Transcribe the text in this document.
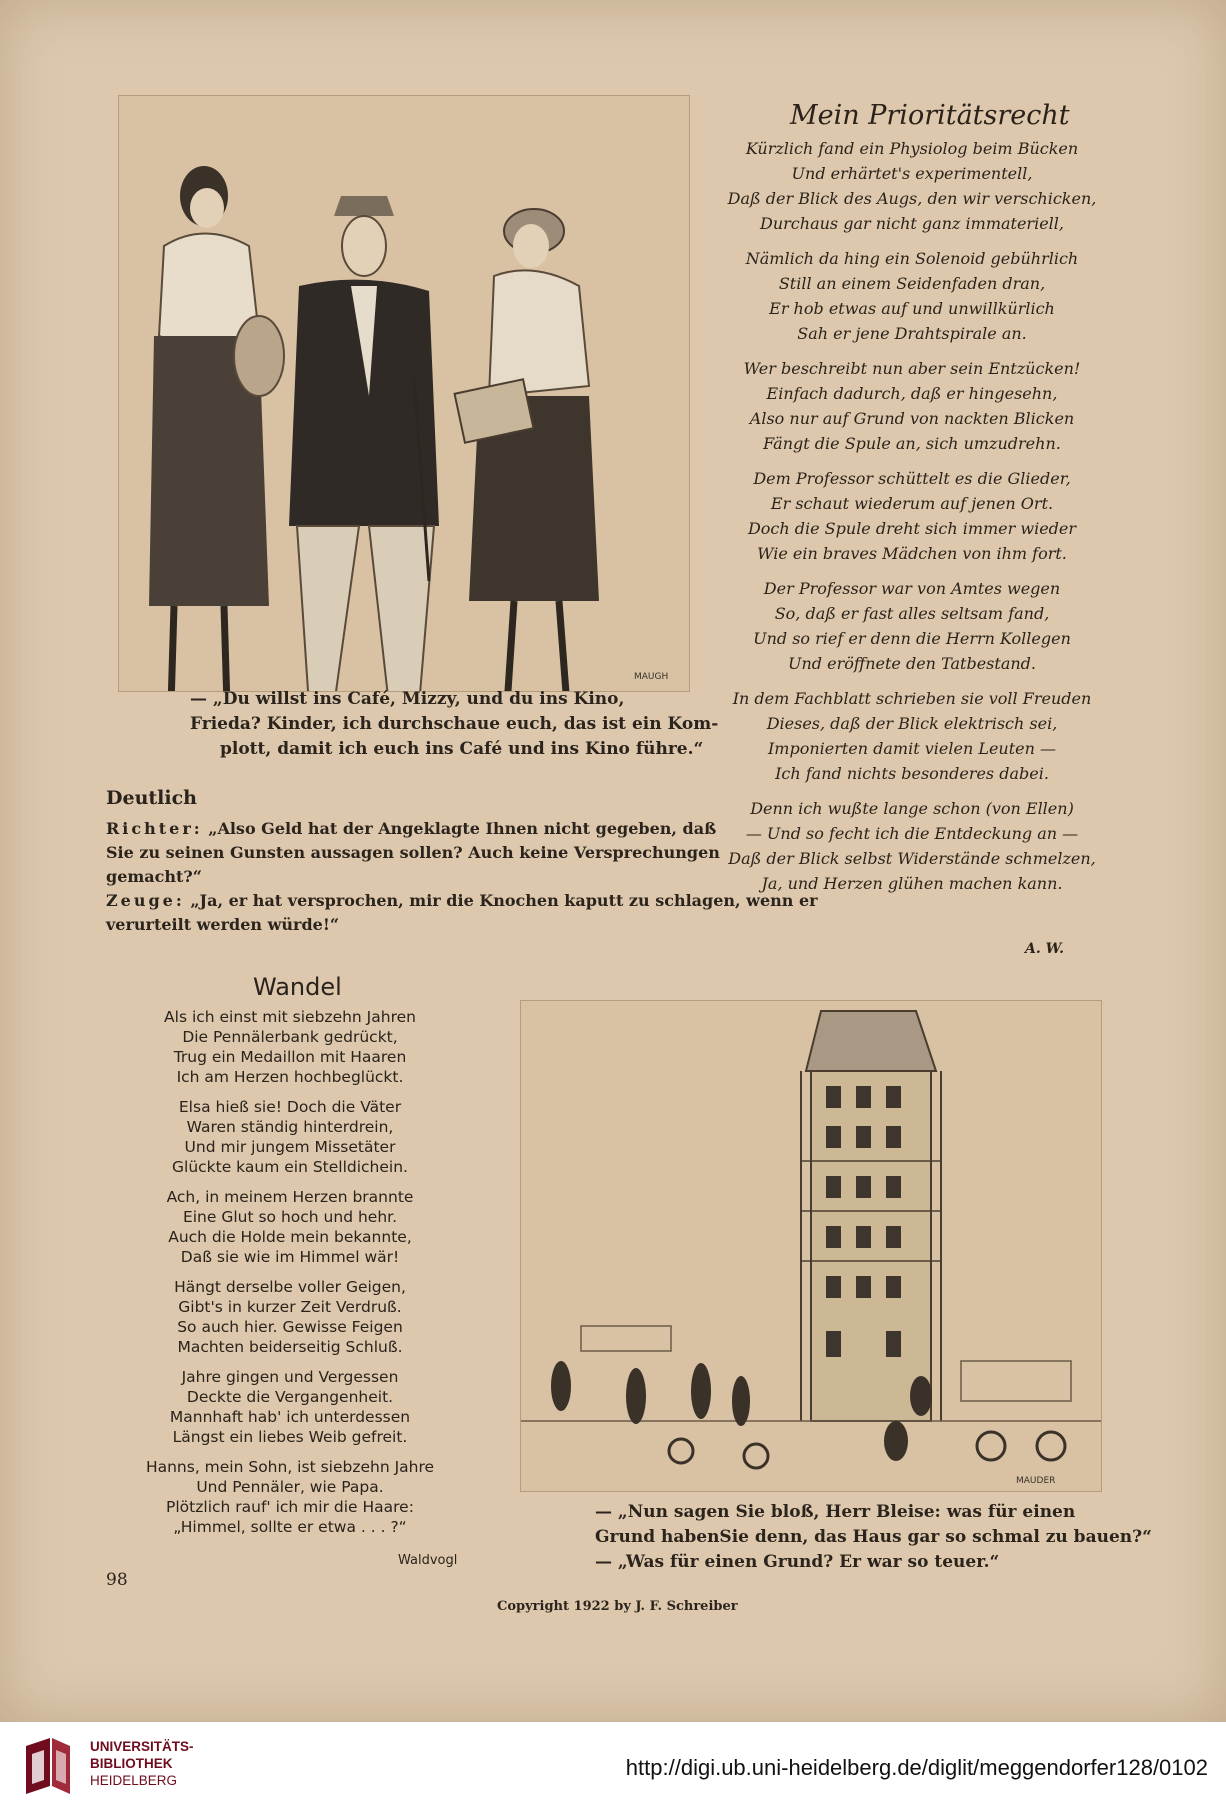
MAUGH
— „Du willst ins Café, Mizzy, und du ins Kino,
Frieda? Kinder, ich durchschaue euch, das ist ein Kom-
plott, damit ich euch ins Café und ins Kino führe.“
Mein Prioritätsrecht
Kürzlich fand ein Physiolog beim Bücken
Und erhärtet's experimentell,
Daß der Blick des Augs, den wir verschicken,
Durchaus gar nicht ganz immateriell,
Nämlich da hing ein Solenoid gebührlich
Still an einem Seidenfaden dran,
Er hob etwas auf und unwillkürlich
Sah er jene Drahtspirale an.
Wer beschreibt nun aber sein Entzücken!
Einfach dadurch, daß er hingesehn,
Also nur auf Grund von nackten Blicken
Fängt die Spule an, sich umzudrehn.
Dem Professor schüttelt es die Glieder,
Er schaut wiederum auf jenen Ort.
Doch die Spule dreht sich immer wieder
Wie ein braves Mädchen von ihm fort.
Der Professor war von Amtes wegen
So, daß er fast alles seltsam fand,
Und so rief er denn die Herrn Kollegen
Und eröffnete den Tatbestand.
In dem Fachblatt schrieben sie voll Freuden
Dieses, daß der Blick elektrisch sei,
Imponierten damit vielen Leuten —
Ich fand nichts besonderes dabei.
Denn ich wußte lange schon (von Ellen)
— Und so fecht ich die Entdeckung an —
Daß der Blick selbst Widerstände schmelzen,
Ja, und Herzen glühen machen kann.
A. W.
Deutlich
Richter: „Also Geld hat der Angeklagte Ihnen nicht gegeben, daß
Sie zu seinen Gunsten aussagen sollen? Auch keine Versprechungen
gemacht?“
Zeuge: „Ja, er hat versprochen, mir die Knochen kaputt zu schlagen, wenn er
verurteilt werden würde!“
Wandel
Als ich einst mit siebzehn Jahren
Die Pennälerbank gedrückt,
Trug ein Medaillon mit Haaren
Ich am Herzen hochbeglückt.
Elsa hieß sie! Doch die Väter
Waren ständig hinterdrein,
Und mir jungem Missetäter
Glückte kaum ein Stelldichein.
Ach, in meinem Herzen brannte
Eine Glut so hoch und hehr.
Auch die Holde mein bekannte,
Daß sie wie im Himmel wär!
Hängt derselbe voller Geigen,
Gibt's in kurzer Zeit Verdruß.
So auch hier. Gewisse Feigen
Machten beiderseitig Schluß.
Jahre gingen und Vergessen
Deckte die Vergangenheit.
Mannhaft hab' ich unterdessen
Längst ein liebes Weib gefreit.
Hanns, mein Sohn, ist siebzehn Jahre
Und Pennäler, wie Papa.
Plötzlich rauf' ich mir die Haare:
„Himmel, sollte er etwa . . . ?“
Waldvogl
MAUDER
— „Nun sagen Sie bloß, Herr Bleise: was für einen
Grund habenSie denn, das Haus gar so schmal zu bauen?“
— „Was für einen Grund? Er war so teuer.“
98
Copyright 1922 by J. F. Schreiber
UNIVERSITÄTS-
BIBLIOTHEK
HEIDELBERG
http://digi.ub.uni-heidelberg.de/diglit/meggendorfer128/0102
